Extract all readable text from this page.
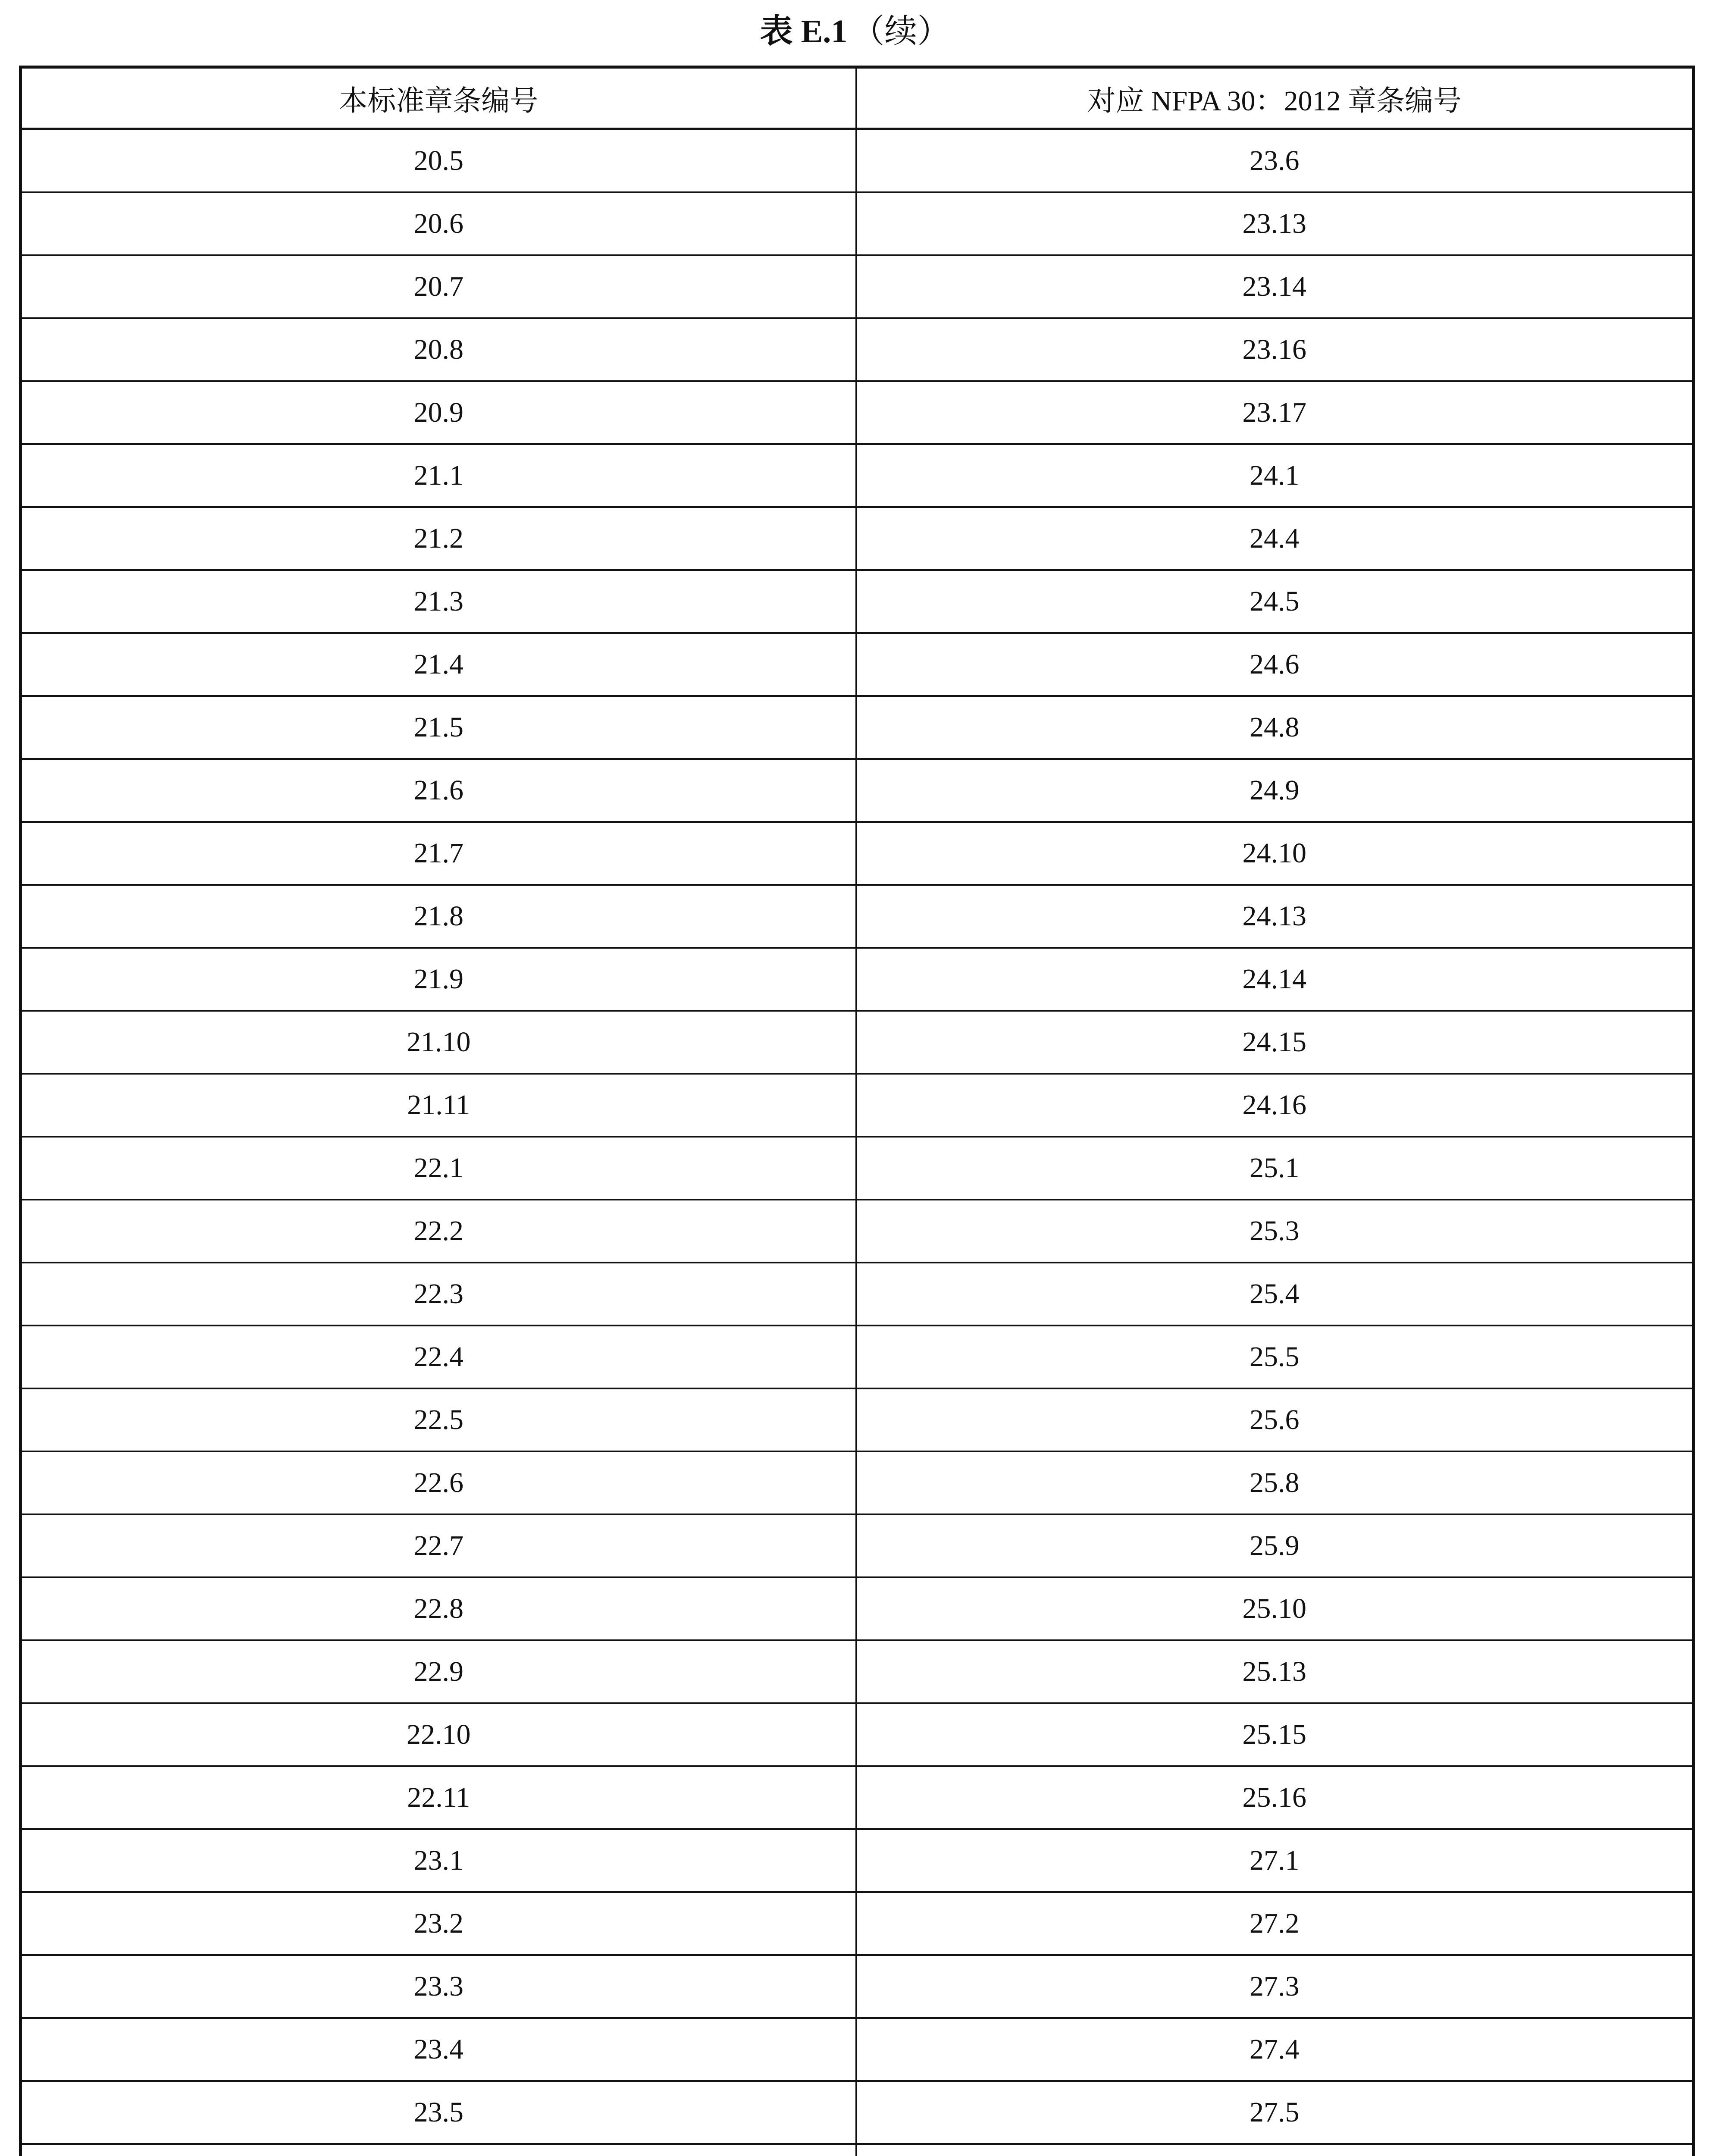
表 E.1 （续）
本标准章条编号	对应 NFPA 30：2012 章条编号
20.5	23.6
20.6	23.13
20.7	23.14
20.8	23.16
20.9	23.17
21.1	24.1
21.2	24.4
21.3	24.5
21.4	24.6
21.5	24.8
21.6	24.9
21.7	24.10
21.8	24.13
21.9	24.14
21.10	24.15
21.11	24.16
22.1	25.1
22.2	25.3
22.3	25.4
22.4	25.5
22.5	25.6
22.6	25.8
22.7	25.9
22.8	25.10
22.9	25.13
22.10	25.15
22.11	25.16
23.1	27.1
23.2	27.2
23.3	27.3
23.4	27.4
23.5	27.5
